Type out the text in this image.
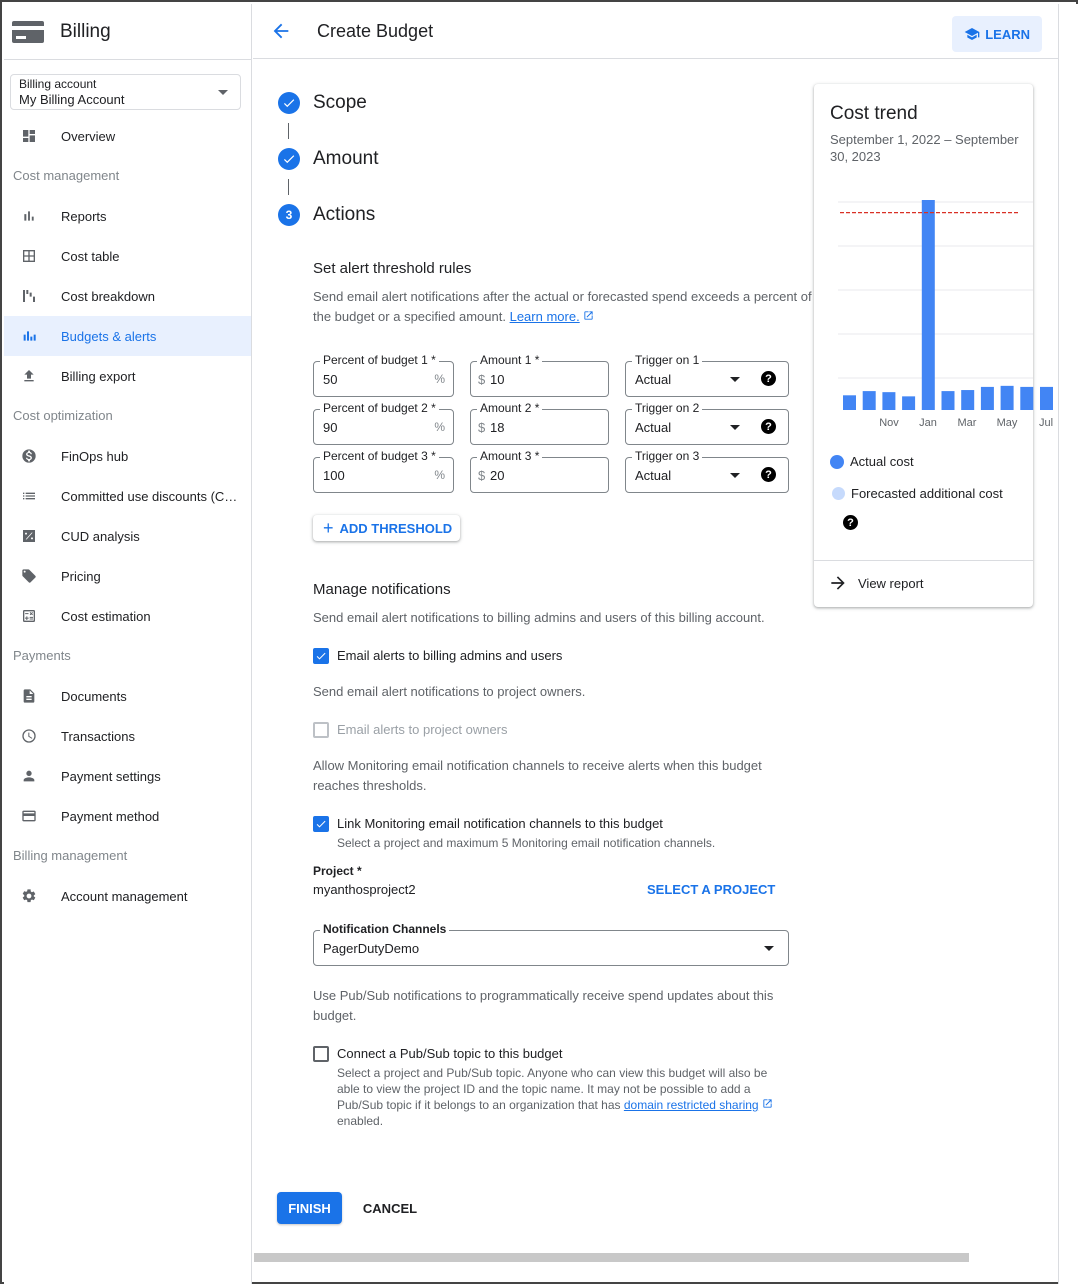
Billing
Billing account
My Billing Account
Overview
Cost management
Reports
Cost table
Cost breakdown
Budgets & alerts
Billing export
Cost optimization
FinOps hub
Committed use discounts (C…
CUD analysis
Pricing
Cost estimation
Payments
Documents
Transactions
Payment settings
Payment method
Billing management
Account management
Create Budget	LEARN
Scope
Amount
3	Actions
Set alert threshold rules
Send email alert notifications after the actual or forecasted spend exceeds a percent of the budget or a specified amount. Learn more.
Percent of budget 1 *
50	%
Amount 1 *
$ 10
Trigger on 1
Actual	?
Percent of budget 2 *
90	%
Amount 2 *
$ 18
Trigger on 2
Actual	?
Percent of budget 3 *
100	%
Amount 3 *
$ 20
Trigger on 3
Actual	?
+ ADD THRESHOLD
Manage notifications
Send email alert notifications to billing admins and users of this billing account.
Email alerts to billing admins and users
Send email alert notifications to project owners.
Email alerts to project owners
Allow Monitoring email notification channels to receive alerts when this budget reaches thresholds.
Link Monitoring email notification channels to this budget
Select a project and maximum 5 Monitoring email notification channels.
Project *
myanthosproject2	SELECT A PROJECT
Notification Channels
PagerDutyDemo
Use Pub/Sub notifications to programmatically receive spend updates about this budget.
Connect a Pub/Sub topic to this budget
Select a project and Pub/Sub topic. Anyone who can view this budget will also be able to view the project ID and the topic name. It may not be possible to add a Pub/Sub topic if it belongs to an organization that has domain restricted sharing
enabled.
FINISH	CANCEL
Cost trend
September 1, 2022 – September 30, 2023
Nov Jan Mar May Jul
Actual cost
Forecasted additional cost
?
View report
